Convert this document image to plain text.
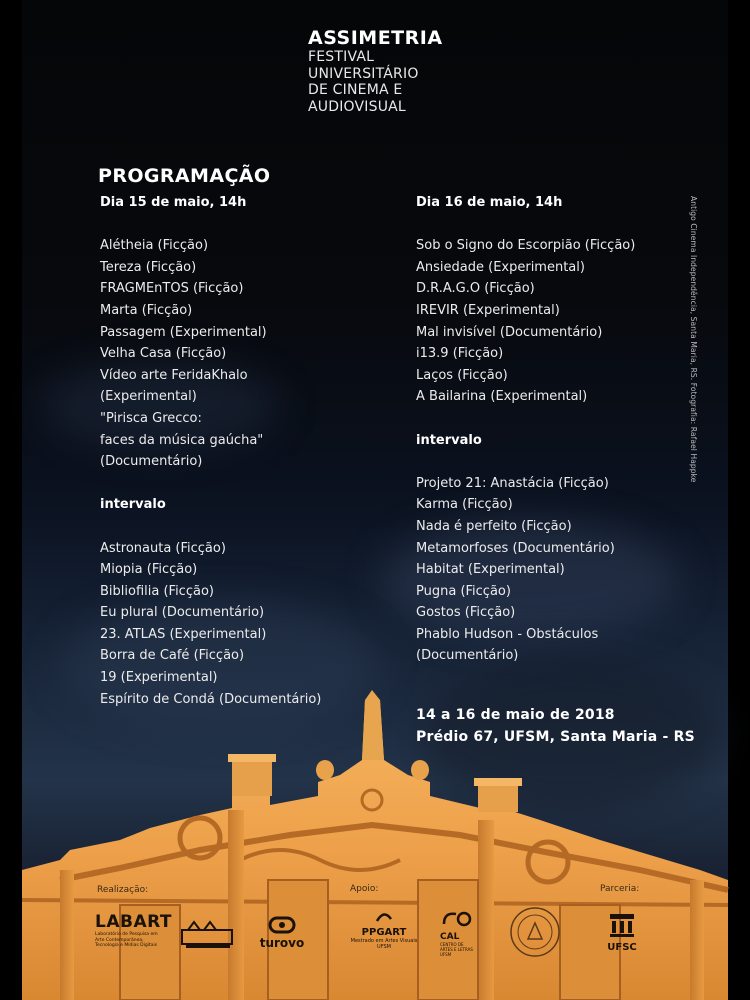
ASSIMETRIA
FESTIVAL
UNIVERSITÁRIO
DE CINEMA E
AUDIOVISUAL
PROGRAMAÇÃO
Dia 15 de maio, 14h
Alétheia (Ficção)
Tereza (Ficção)
FRAGMEnTOS (Ficção)
Marta (Ficção)
Passagem (Experimental)
Velha Casa (Ficção)
Vídeo arte FeridaKhalo
(Experimental)
"Pirisca Grecco:
faces da música gaúcha"
(Documentário)
intervalo
Astronauta (Ficção)
Miopia (Ficção)
Bibliofilia (Ficção)
Eu plural (Documentário)
23. ATLAS (Experimental)
Borra de Café (Ficção)
19 (Experimental)
Espírito de Condá (Documentário)
Dia 16 de maio, 14h
Sob o Signo do Escorpião (Ficção)
Ansiedade (Experimental)
D.R.A.G.O (Ficção)
IREVIR (Experimental)
Mal invisível (Documentário)
i13.9 (Ficção)
Laços (Ficção)
A Bailarina (Experimental)
intervalo
Projeto 21: Anastácia (Ficção)
Karma (Ficção)
Nada é perfeito (Ficção)
Metamorfoses (Documentário)
Habitat (Experimental)
Pugna (Ficção)
Gostos (Ficção)
Phablo Hudson - Obstáculos
(Documentário)
14 a 16 de maio de 2018
Prédio 67, UFSM, Santa Maria - RS
Antigo Cinema Independência, Santa Maria, RS. Fotografia: Rafael Happke
Realização:	Apoio:	Parceria:
LABART
Laboratório de Pesquisa em
Arte Contemporânea,
Tecnologia e Mídias Digitais	turovo
PPGART
Mestrado em Artes Visuais
UFSM
CAL
CENTRO DE
ARTES E LETRAS
UFSM
UFSC
